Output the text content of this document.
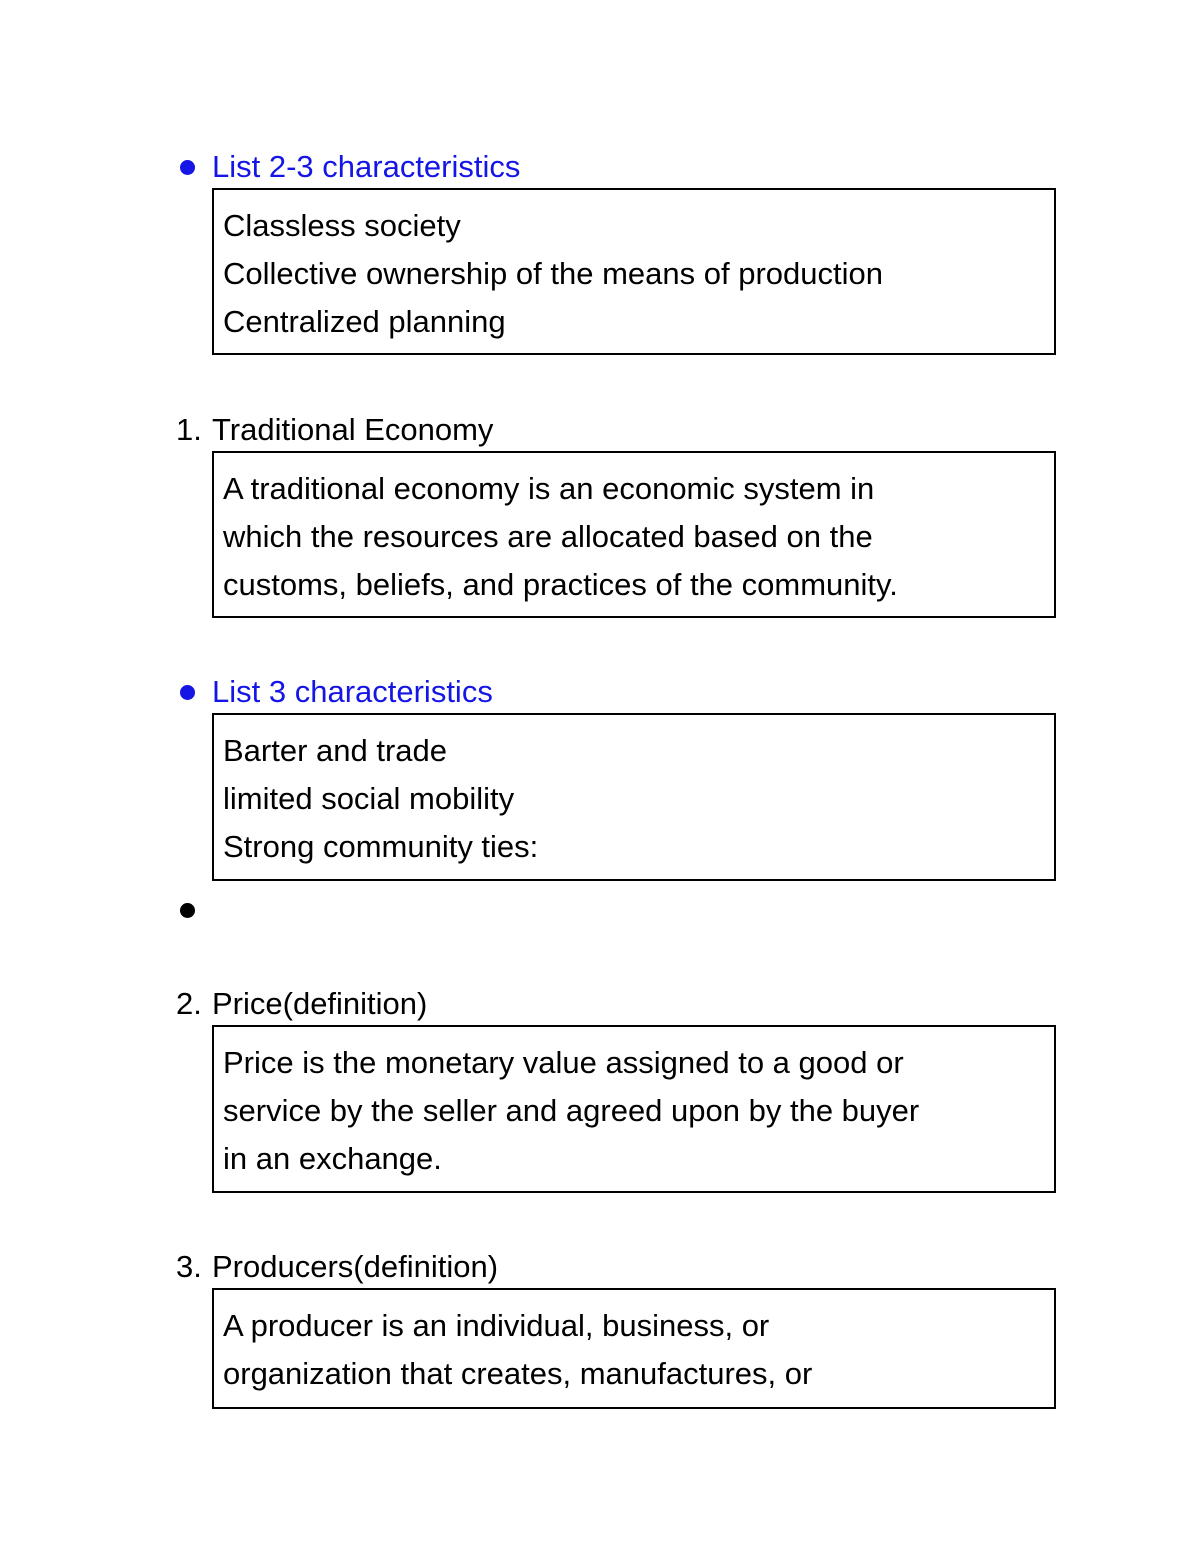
List 2-3 characteristics
Classless society
Collective ownership of the means of production
Centralized planning
1. Traditional Economy
A traditional economy is an economic system in
which the resources are allocated based on the
customs, beliefs, and practices of the community.
List 3 characteristics
Barter and trade
limited social mobility
Strong community ties:
2. Price(definition)
Price is the monetary value assigned to a good or
service by the seller and agreed upon by the buyer
in an exchange.
3. Producers(definition)
A producer is an individual, business, or
organization that creates, manufactures, or
